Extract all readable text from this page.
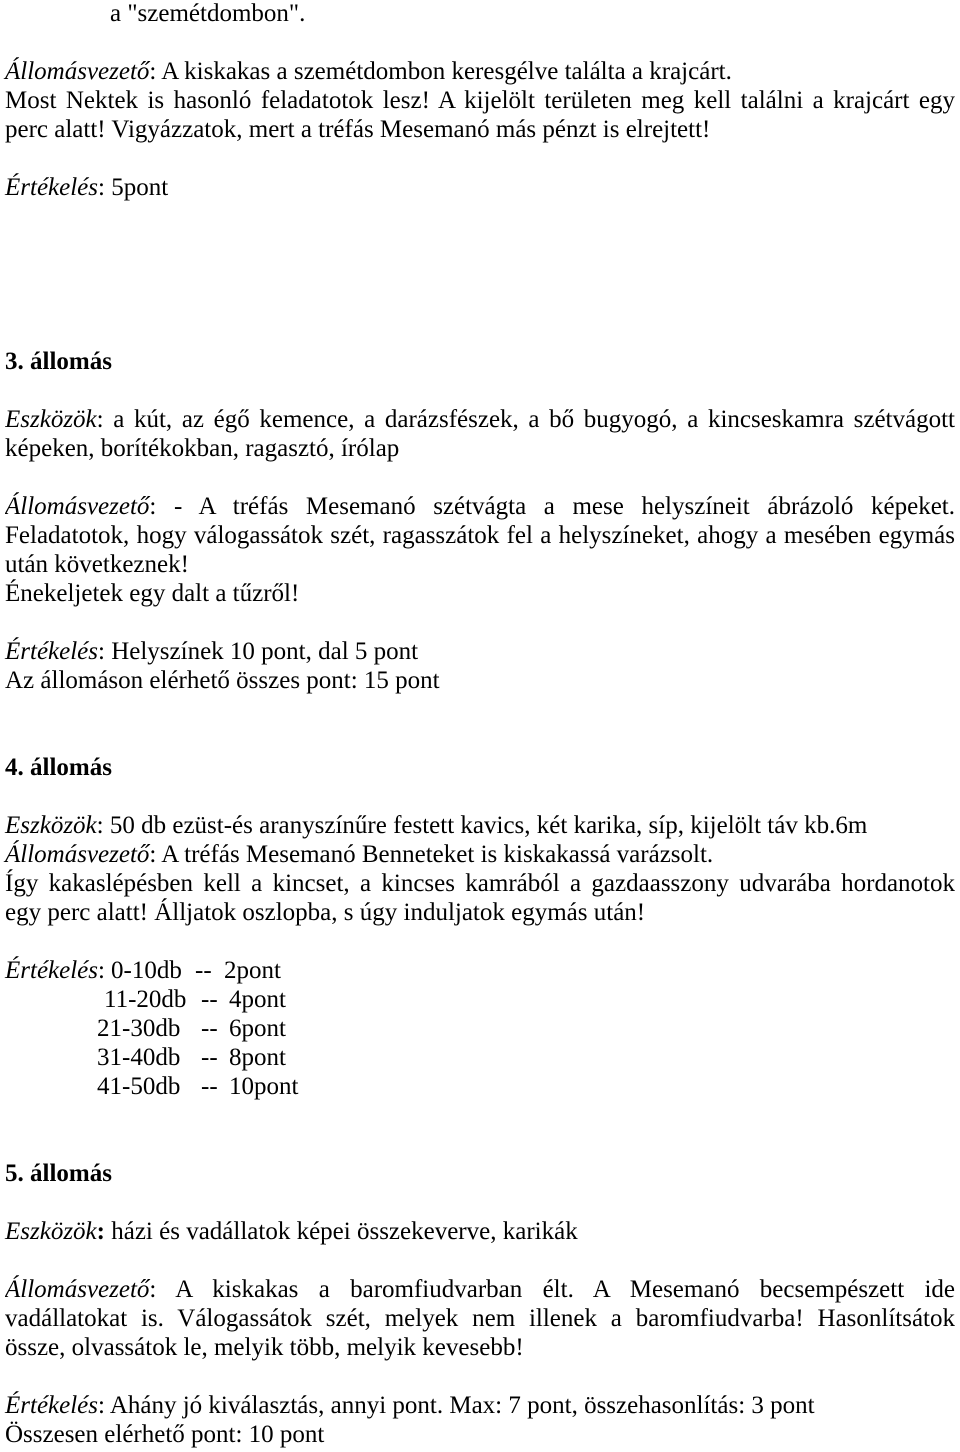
a "szemétdombon".
Állomásvezető: A kiskakas a szemétdombon keresgélve találta a krajcárt.
Most Nektek is hasonló feladatotok lesz! A kijelölt területen meg kell találni a krajcárt egy
perc alatt! Vigyázzatok, mert a tréfás Mesemanó más pénzt is elrejtett!
Értékelés: 5pont
3. állomás
Eszközök: a kút, az égő kemence, a darázsfészek, a bő bugyogó, a kincseskamra szétvágott
képeken, borítékokban, ragasztó, írólap
Állomásvezető: - A tréfás Mesemanó szétvágta a mese helyszíneit ábrázoló képeket.
Feladatotok, hogy válogassátok szét, ragasszátok fel a helyszíneket, ahogy a mesében egymás
után következnek!
Énekeljetek egy dalt a tűzről!
Értékelés: Helyszínek 10 pont, dal 5 pont
Az állomáson elérhető összes pont: 15 pont
4. állomás
Eszközök: 50 db ezüst-és aranyszínűre festett kavics, két karika, síp, kijelölt táv kb.6m
Állomásvezető: A tréfás Mesemanó Benneteket is kiskakassá varázsolt.
Így kakaslépésben kell a kincset, a kincses kamrából a gazdaasszony udvarába hordanotok
egy perc alatt! Álljatok oszlopba, s úgy induljatok egymás után!
Értékelés: 0-10db -- 2pont
11-20db -- 4pont
21-30db -- 6pont
31-40db -- 8pont
41-50db -- 10pont
5. állomás
Eszközök: házi és vadállatok képei összekeverve, karikák
Állomásvezető: A kiskakas a baromfiudvarban élt. A Mesemanó becsempészett ide
vadállatokat is. Válogassátok szét, melyek nem illenek a baromfiudvarba! Hasonlítsátok
össze, olvassátok le, melyik több, melyik kevesebb!
Értékelés: Ahány jó kiválasztás, annyi pont. Max: 7 pont, összehasonlítás: 3 pont
Összesen elérhető pont: 10 pont
